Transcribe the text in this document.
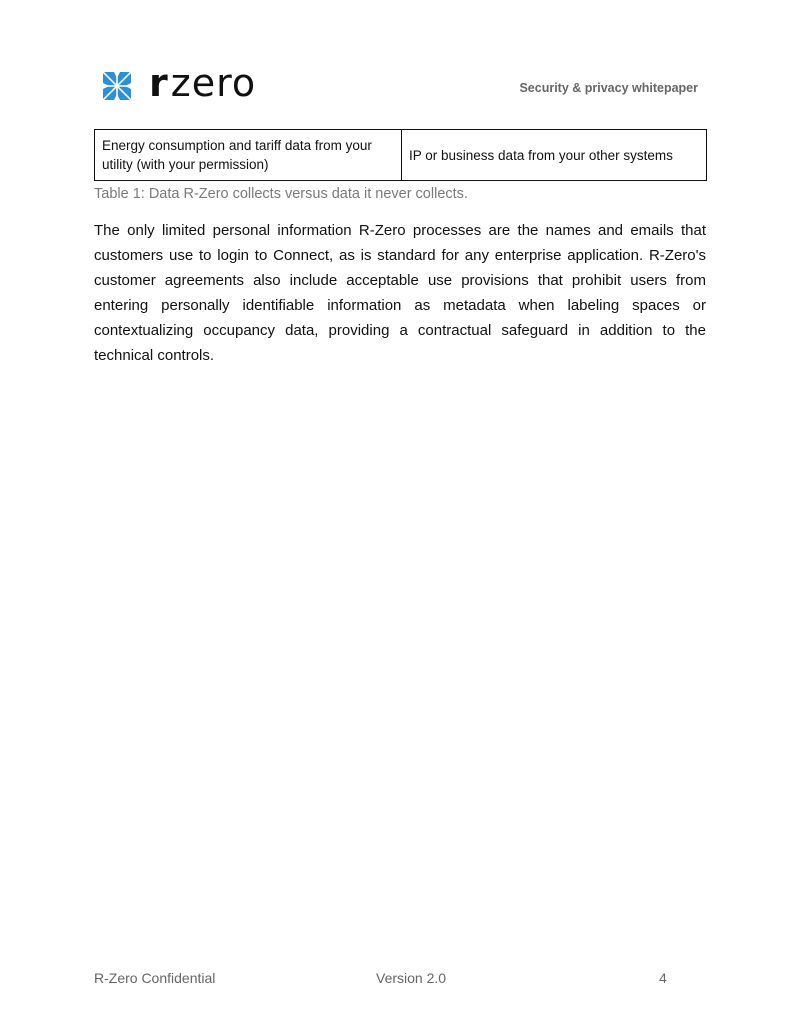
r zero	Security & privacy whitepaper
Energy consumption and tariff data from your utility (with your permission)	IP or business data from your other systems
Table 1: Data R-Zero collects versus data it never collects.

The only limited personal information R-Zero processes are the names and emails that customers use to login to Connect, as is standard for any enterprise application. R-Zero's customer agreements also include acceptable use provisions that prohibit users from entering personally identifiable information as metadata when labeling spaces or contextualizing occupancy data, providing a contractual safeguard in addition to the technical controls.

R-Zero Confidential	Version 2.0	4
